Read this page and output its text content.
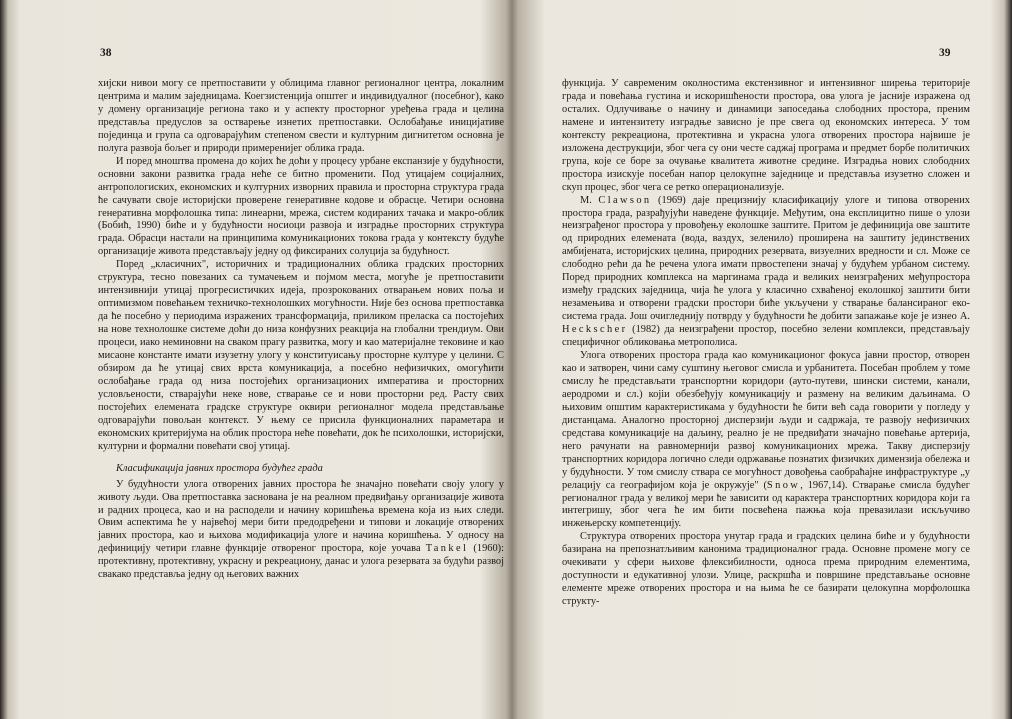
38

хијски нивои могу се претпоставити у облицима главног регионалног центра, локалним центрима и малим заједницама. Коегзистенција општег и индивидуалног (посебног), како у домену организације региона тако и у аспекту просторног уређења града и целина представља предуслов за остварење изнетих претпоставки. Ослобађање иницијативе појединца и група са одговарајућим степеном свести и културним дигнитетом основна је полуга развоја бољег и природи примеренијег облика града.

И поред мноштва промена до којих ће доћи у процесу урбане експанзије у будућности, основни закони развитка града неће се битно променити. Под утицајем социјалних, антропологиских, економских и културних изворних правила и просторна структура града ће сачувати своје историјски проверене генеративне кодове и обрасце. Четири основна генеративна морфолошка типа: линеарни, мрежа, систем кодираних тачака и макро-облик (Бобић, 1990) биће и у будућности носиоци развоја и изградње просторних структура града. Обрасци настали на принципима комуникационих токова града у контексту будуће организације живота представљају једну од фиксираних солуција за будућност.

Поред „класичних", историчних и традиционалних облика градских просторних структура, тесно повезаних са тумачењем и појмом места, могуће је претпоставити интензивнији утицај прогресистичких идеја, прозрокованих отварањем нових поља и оптимизмом повећањем техничко-технолошких могућности. Није без основа претпоставка да ће посебно у периодима изражених трансформација, приликом преласка са постојећих на нове технолошке системе доћи до низа конфузних реакција на глобални трендиум. Ови процеси, иако неминовни на сваком прагу развитка, могу и као материјалне тековине и као мисаоне константе имати изузетну улогу у конституисању просторне културе у целини. С обзиром да ће утицај свих врста комуникација, а посебно нефизичких, омогућити ослобађање града од низа постојећих организационих императива и просторних условљености, стварајући неке нове, стварање се и нови просторни ред. Расту свих постојећих елемената градске структуре оквири регионалног модела представљање одговарајући повољан контекст. У њему се присила функционалних параметара и економских критеријума на облик простора неће повећати, док ће психолошки, историјски, културни и формални повећати свој утицај.

Класификација јавних простора будућег града

У будућности улога отворених јавних простора ће значајно повећати своју улогу у животу људи. Ова претпоставка заснована је на реалном предвиђању организације живота и радних процеса, као и на расподели и начину коришћења времена која из њих следи. Овим аспектима ће у највећој мери бити предодређени и типови и локације отворених јавних простора, као и њихова модификација улоге и начина коришћења. У односу на дефиницију четири главне функције отвореног простора, које уочава Tankel (1960): протективну, протективну, украсну и рекреациону, данас и улога резервата за будући развој свакако представља једну од његових важних

39

функција. У савременим околностима екстензивног и интензивног ширења територије града и повећања густина и искоришћености простора, ова улога је јасније изражена од осталих. Одлучивање о начину и динамици запоседања слободних простора, преним наменe и интензитету изградње зависно је пре свега од економских интереса. У том контексту рекреационa, протективна и украсна улога отворених простора највише је изложена деструкцији, због чега су они честе саджај програма и предмет борбе политичких група, које се боре за очување квалитета животне средине. Изградња нових слободних простора изискује посебан напор целокупне заједнице и представља изузетно сложен и скуп процес, због чега се ретко операционализује.

M. Clawson (1969) даје прецизнију класификацију улоге и типова отворених простора града, разрађујући наведене функције. Међутим, она експлицитно пише о улози неизграђеног простора у провођењу еколошке заштите. Притом је дефиниција ове заштите од природних елемената (вода, ваздух, зеленило) проширена на заштиту јединствених амбијената, историјских целина, природних резервата, визуелних вредности и сл. Може се слободно рећи да ће речена улога имати првостепени значај у будућем урбаном систему. Поред природних комплекса на маргинама града и великих неизграђених међупростора између градских заједница, чија ће улога у класично схваћеној еколошкој заштити бити незамењива и отворени градски простори биће укључени у стварање балансираног еко-система града. Још очигледнију потврду у будућности ће добити запажање које је изнео A. Heckscher (1982) да неизграђени простор, посебно зелени комплекси, представљају специфичног обликовања метрополиса.

Улога отворених простора града као комуникационог фокуса јавни простор, отворен као и затворен, чини саму суштину његовог смисла и урбанитета. Посебан проблем у томе смислу ће представљати транспортни коридори (ауто-путеви, шински системи, канали, аеродроми и сл.) којiи обезбеђују комуникацију и размену на великим даљинама. О њиховим општим карактеристикама у будућности ће бити већ сада говорити у погледу у дистанцама. Аналогно просторној дисперзији људи и садржаја, те развоју нефизичких средстава комуникације на даљину, реално је не предвиђати значајно повећање артерија, него рачунати на равномернији развој комуникационих мрежа. Такву дисперзију транспортних коридора логично следи одржавање познатих физичких димензија обележа и у будућности. У том смислу ствара се могућност довођења саобраћајне инфраструктуре „у релацију са географијом која је окружује" (Snow, 1967,14). Стварање смисла будућег регионалног града у великој мери ће зависити од карактера транспортних коридора који га интегришу, због чега ће им бити посвећена пажња која превазилази искључиво инжењерску компетенцију.

Структура отворених простора унутар града и градских целина биће и у будућности базирана на препознатљивим канонима традиционалног града. Основне промене могу се очекивати у сфери њихове флексибилности, односа према природним елементима, доступности и едукативној улози. Улице, раскршћа и површине представљање основне елементе мреже отворених простора и на њима ће се базирати целокупна морфолошка структу-
